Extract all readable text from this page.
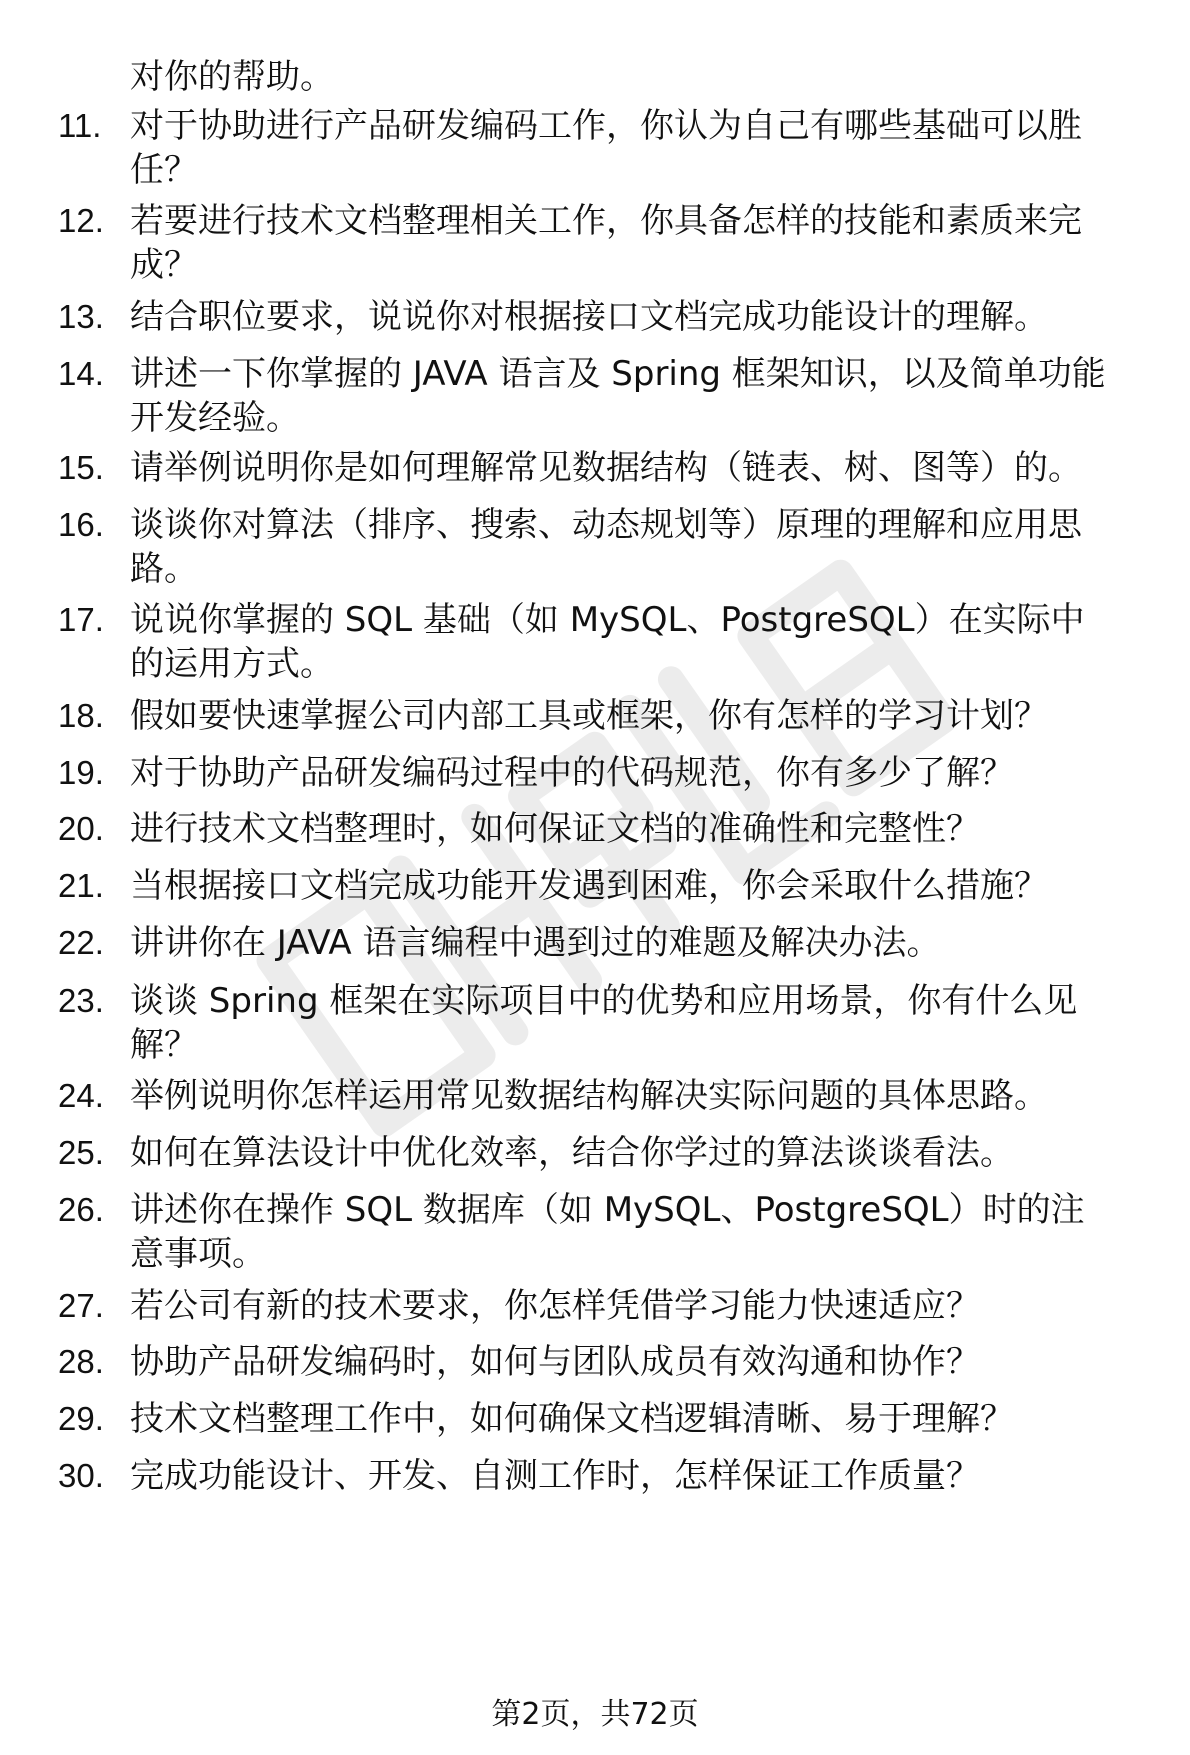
对你的帮助。
11. 对于协助进行产品研发编码工作，你认为自己有哪些基础可以胜
任？
12. 若要进行技术文档整理相关工作，你具备怎样的技能和素质来完
成？
13. 结合职位要求，说说你对根据接口文档完成功能设计的理解。
14. 讲述一下你掌握的 JAVA 语言及 Spring 框架知识，以及简单功能
开发经验。
15. 请举例说明你是如何理解常见数据结构（链表、树、图等）的。
16. 谈谈你对算法（排序、搜索、动态规划等）原理的理解和应用思
路。
17. 说说你掌握的 SQL 基础（如 MySQL、PostgreSQL）在实际中
的运用方式。
18. 假如要快速掌握公司内部工具或框架，你有怎样的学习计划？
19. 对于协助产品研发编码过程中的代码规范，你有多少了解？
20. 进行技术文档整理时，如何保证文档的准确性和完整性？
21. 当根据接口文档完成功能开发遇到困难，你会采取什么措施？
22. 讲讲你在 JAVA 语言编程中遇到过的难题及解决办法。
23. 谈谈 Spring 框架在实际项目中的优势和应用场景，你有什么见
解？
24. 举例说明你怎样运用常见数据结构解决实际问题的具体思路。
25. 如何在算法设计中优化效率，结合你学过的算法谈谈看法。
26. 讲述你在操作 SQL 数据库（如 MySQL、PostgreSQL）时的注
意事项。
27. 若公司有新的技术要求，你怎样凭借学习能力快速适应？
28. 协助产品研发编码时，如何与团队成员有效沟通和协作？
29. 技术文档整理工作中，如何确保文档逻辑清晰、易于理解？
30. 完成功能设计、开发、自测工作时，怎样保证工作质量？
第2页，共72页
